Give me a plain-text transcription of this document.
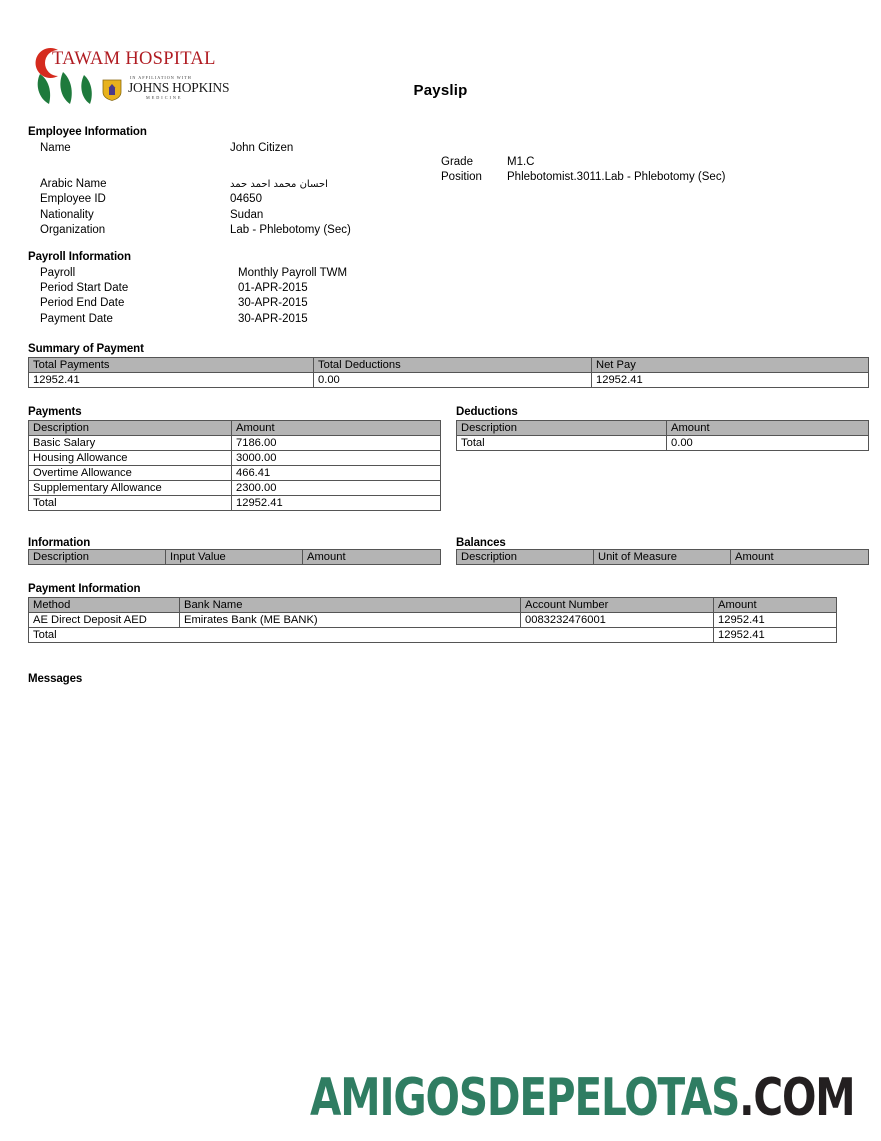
TAWAM HOSPITAL
IN AFFILIATION WITH
JOHNS HOPKINS
MEDICINE	Payslip
Employee Information
Name	John Citizen
Arabic Name	احسان محمد احمد حمد
Employee ID	04650
Nationality	Sudan
Organization	Lab - Phlebotomy (Sec)
Grade	M1.C
Position Phlebotomist.3011.Lab - Phlebotomy (Sec)
Payroll Information
Payroll	Monthly Payroll TWM
Period Start Date	01-APR-2015
Period End Date	30-APR-2015
Payment Date	30-APR-2015
Summary of Payment
Total Payments	Total Deductions	Net Pay
12952.41	0.00	12952.41
Payments
Description	Amount
Basic Salary	7186.00
Housing Allowance	3000.00
Overtime Allowance	466.41
Supplementary Allowance	2300.00
Total	12952.41
Deductions
Description	Amount
Total	0.00
Information
Description	Input Value	Amount
Balances
Description	Unit of Measure	Amount
Payment Information
Method	Bank Name	Account Number	Amount
AE Direct Deposit AED	Emirates Bank (ME BANK)	0083232476001	12952.41
Total			12952.41
Messages
AMIGOSDEPELOTAS.COM
